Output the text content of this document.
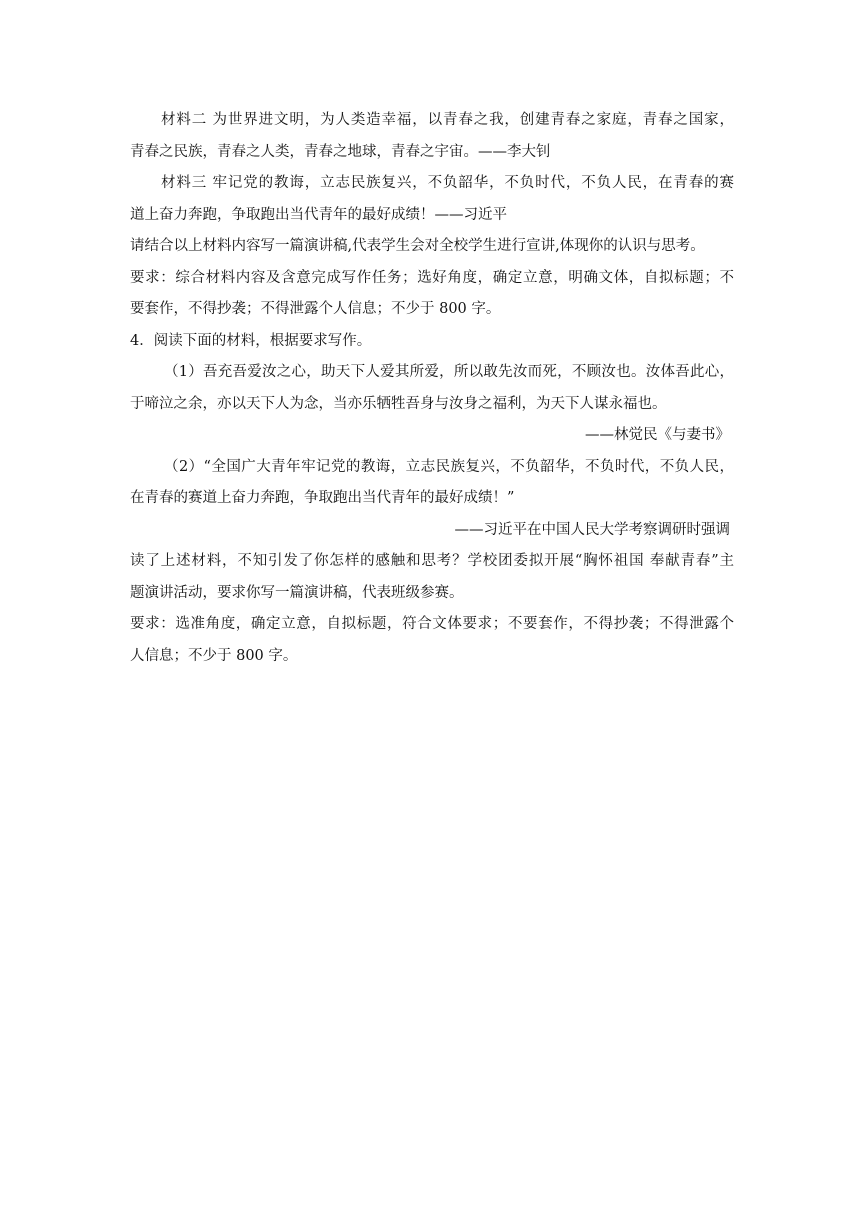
材料二 为世界进文明，为人类造幸福，以青春之我，创建青春之家庭，青春之国家，
青春之民族，青春之人类，青春之地球，青春之宇宙。——李大钊
材料三 牢记党的教诲，立志民族复兴，不负韶华，不负时代，不负人民，在青春的赛
道上奋力奔跑，争取跑出当代青年的最好成绩！——习近平
请结合以上材料内容写一篇演讲稿,代表学生会对全校学生进行宣讲,体现你的认识与思考。
要求：综合材料内容及含意完成写作任务；选好角度，确定立意，明确文体，自拟标题；不
要套作，不得抄袭；不得泄露个人信息；不少于 800 字。
4．阅读下面的材料，根据要求写作。
（1）吾充吾爱汝之心，助天下人爱其所爱，所以敢先汝而死，不顾汝也。汝体吾此心，
于啼泣之余，亦以天下人为念，当亦乐牺牲吾身与汝身之福利，为天下人谋永福也。
——林觉民《与妻书》
（2）“全国广大青年牢记党的教诲，立志民族复兴，不负韶华，不负时代，不负人民，
在青春的赛道上奋力奔跑，争取跑出当代青年的最好成绩！”
——习近平在中国人民大学考察调研时强调
读了上述材料，不知引发了你怎样的感触和思考？学校团委拟开展“胸怀祖国 奉献青春”主
题演讲活动，要求你写一篇演讲稿，代表班级参赛。
要求：选准角度，确定立意，自拟标题，符合文体要求；不要套作，不得抄袭；不得泄露个
人信息；不少于 800 字。
